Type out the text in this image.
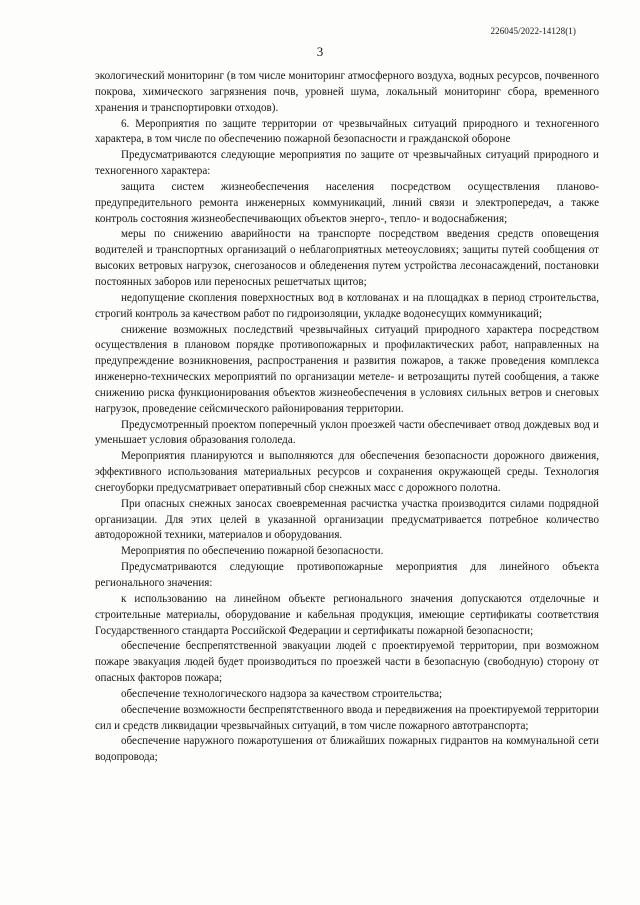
226045/2022-14128(1)
3

экологический мониторинг (в том числе мониторинг атмосферного воздуха, водных ресурсов, почвенного покрова, химического загрязнения почв, уровней шума, локальный мониторинг сбора, временного хранения и транспортировки отходов).

6. Мероприятия по защите территории от чрезвычайных ситуаций природного и техногенного характера, в том числе по обеспечению пожарной безопасности и гражданской обороне

Предусматриваются следующие мероприятия по защите от чрезвычайных ситуаций природного и техногенного характера:

защита систем жизнеобеспечения населения посредством осуществления планово-предупредительного ремонта инженерных коммуникаций, линий связи и электропередач, а также контроль состояния жизнеобеспечивающих объектов энерго-, тепло- и водоснабжения;

меры по снижению аварийности на транспорте посредством введения средств оповещения водителей и транспортных организаций о неблагоприятных метеоусловиях; защиты путей сообщения от высоких ветровых нагрузок, снегозаносов и обледенения путем устройства лесонасаждений, постановки постоянных заборов или переносных решетчатых щитов;

недопущение скопления поверхностных вод в котлованах и на площадках в период строительства, строгий контроль за качеством работ по гидроизоляции, укладке водонесущих коммуникаций;

снижение возможных последствий чрезвычайных ситуаций природного характера посредством осуществления в плановом порядке противопожарных и профилактических работ, направленных на предупреждение возникновения, распространения и развития пожаров, а также проведения комплекса инженерно-технических мероприятий по организации метеле- и ветрозащиты путей сообщения, а также снижению риска функционирования объектов жизнеобеспечения в условиях сильных ветров и снеговых нагрузок, проведение сейсмического районирования территории.

Предусмотренный проектом поперечный уклон проезжей части обеспечивает отвод дождевых вод и уменьшает условия образования гололеда.

Мероприятия планируются и выполняются для обеспечения безопасности дорожного движения, эффективного использования материальных ресурсов и сохранения окружающей среды. Технология снегоуборки предусматривает оперативный сбор снежных масс с дорожного полотна.

При опасных снежных заносах своевременная расчистка участка производится силами подрядной организации. Для этих целей в указанной организации предусматривается потребное количество автодорожной техники, материалов и оборудования.

Мероприятия по обеспечению пожарной безопасности.

Предусматриваются следующие противопожарные мероприятия для линейного объекта регионального значения:

к использованию на линейном объекте регионального значения допускаются отделочные и строительные материалы, оборудование и кабельная продукция, имеющие сертификаты соответствия Государственного стандарта Российской Федерации и сертификаты пожарной безопасности;

обеспечение беспрепятственной эвакуации людей с проектируемой территории, при возможном пожаре эвакуация людей будет производиться по проезжей части в безопасную (свободную) сторону от опасных факторов пожара;

обеспечение технологического надзора за качеством строительства;

обеспечение возможности беспрепятственного ввода и передвижения на проектируемой территории сил и средств ликвидации чрезвычайных ситуаций, в том числе пожарного автотранспорта;

обеспечение наружного пожаротушения от ближайших пожарных гидрантов на коммунальной сети водопровода;
